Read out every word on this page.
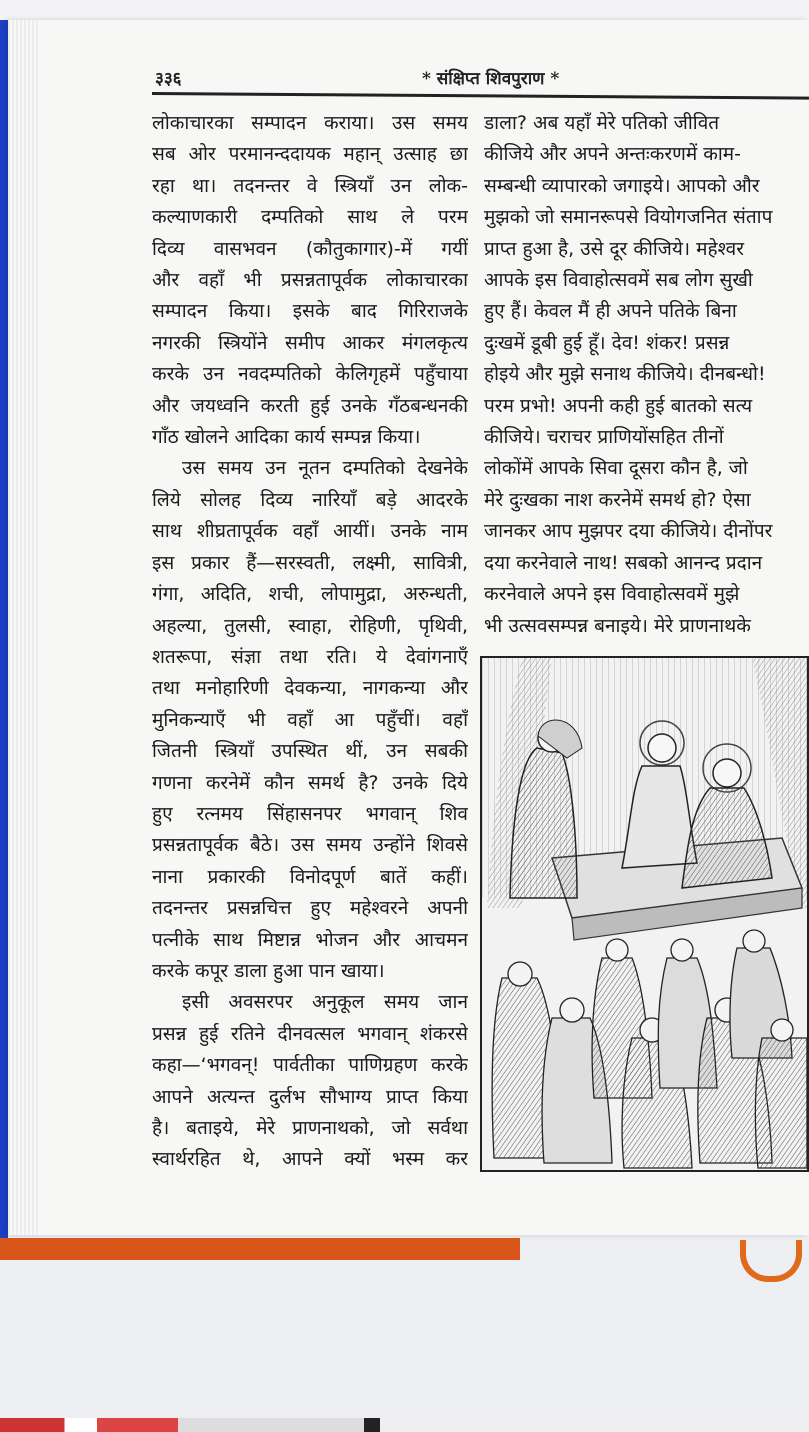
३३६	* संक्षिप्त शिवपुराण *

लोकाचारका सम्पादन कराया। उस समय

सब ओर परमानन्ददायक महान् उत्साह छा

रहा था। तदनन्तर वे स्त्रियाँ उन लोक-

कल्याणकारी दम्पतिको साथ ले परम

दिव्य वासभवन (कौतुकागार)-में गयीं

और वहाँ भी प्रसन्नतापूर्वक लोकाचारका

सम्पादन किया। इसके बाद गिरिराजके

नगरकी स्त्रियोंने समीप आकर मंगलकृत्य

करके उन नवदम्पतिको केलिगृहमें पहुँचाया

और जयध्वनि करती हुई उनके गँठबन्धनकी

गाँठ खोलने आदिका कार्य सम्पन्न किया।

उस समय उन नूतन दम्पतिको देखनेके

लिये सोलह दिव्य नारियाँ बड़े आदरके

साथ शीघ्रतापूर्वक वहाँ आयीं। उनके नाम

इस प्रकार हैं—सरस्वती, लक्ष्मी, सावित्री,

गंगा, अदिति, शची, लोपामुद्रा, अरुन्धती,

अहल्या, तुलसी, स्वाहा, रोहिणी, पृथिवी,

शतरूपा, संज्ञा तथा रति। ये देवांगनाएँ

तथा मनोहारिणी देवकन्या, नागकन्या और

मुनिकन्याएँ भी वहाँ आ पहुँचीं। वहाँ

जितनी स्त्रियाँ उपस्थित थीं, उन सबकी

गणना करनेमें कौन समर्थ है? उनके दिये

हुए रत्नमय सिंहासनपर भगवान् शिव

प्रसन्नतापूर्वक बैठे। उस समय उन्होंने शिवसे

नाना प्रकारकी विनोदपूर्ण बातें कहीं।

तदनन्तर प्रसन्नचित्त हुए महेश्वरने अपनी

पत्नीके साथ मिष्टान्न भोजन और आचमन

करके कपूर डाला हुआ पान खाया।

इसी अवसरपर अनुकूल समय जान

प्रसन्न हुई रतिने दीनवत्सल भगवान् शंकरसे

कहा—‘भगवन्! पार्वतीका पाणिग्रहण करके

आपने अत्यन्त दुर्लभ सौभाग्य प्राप्त किया

है। बताइये, मेरे प्राणनाथको, जो सर्वथा

स्वार्थरहित थे, आपने क्यों भस्म कर

डाला? अब यहाँ मेरे पतिको जीवित

कीजिये और अपने अन्तःकरणमें काम-

सम्बन्धी व्यापारको जगाइये। आपको और

मुझको जो समानरूपसे वियोगजनित संताप

प्राप्त हुआ है, उसे दूर कीजिये। महेश्वर

आपके इस विवाहोत्सवमें सब लोग सुखी

हुए हैं। केवल मैं ही अपने पतिके बिना

दुःखमें डूबी हुई हूँ। देव! शंकर! प्रसन्न

होइये और मुझे सनाथ कीजिये। दीनबन्धो!

परम प्रभो! अपनी कही हुई बातको सत्य

कीजिये। चराचर प्राणियोंसहित तीनों

लोकोंमें आपके सिवा दूसरा कौन है, जो

मेरे दुःखका नाश करनेमें समर्थ हो? ऐसा

जानकर आप मुझपर दया कीजिये। दीनोंपर

दया करनेवाले नाथ! सबको आनन्द प्रदान

करनेवाले अपने इस विवाहोत्सवमें मुझे

भी उत्सवसम्पन्न बनाइये। मेरे प्राणनाथके
